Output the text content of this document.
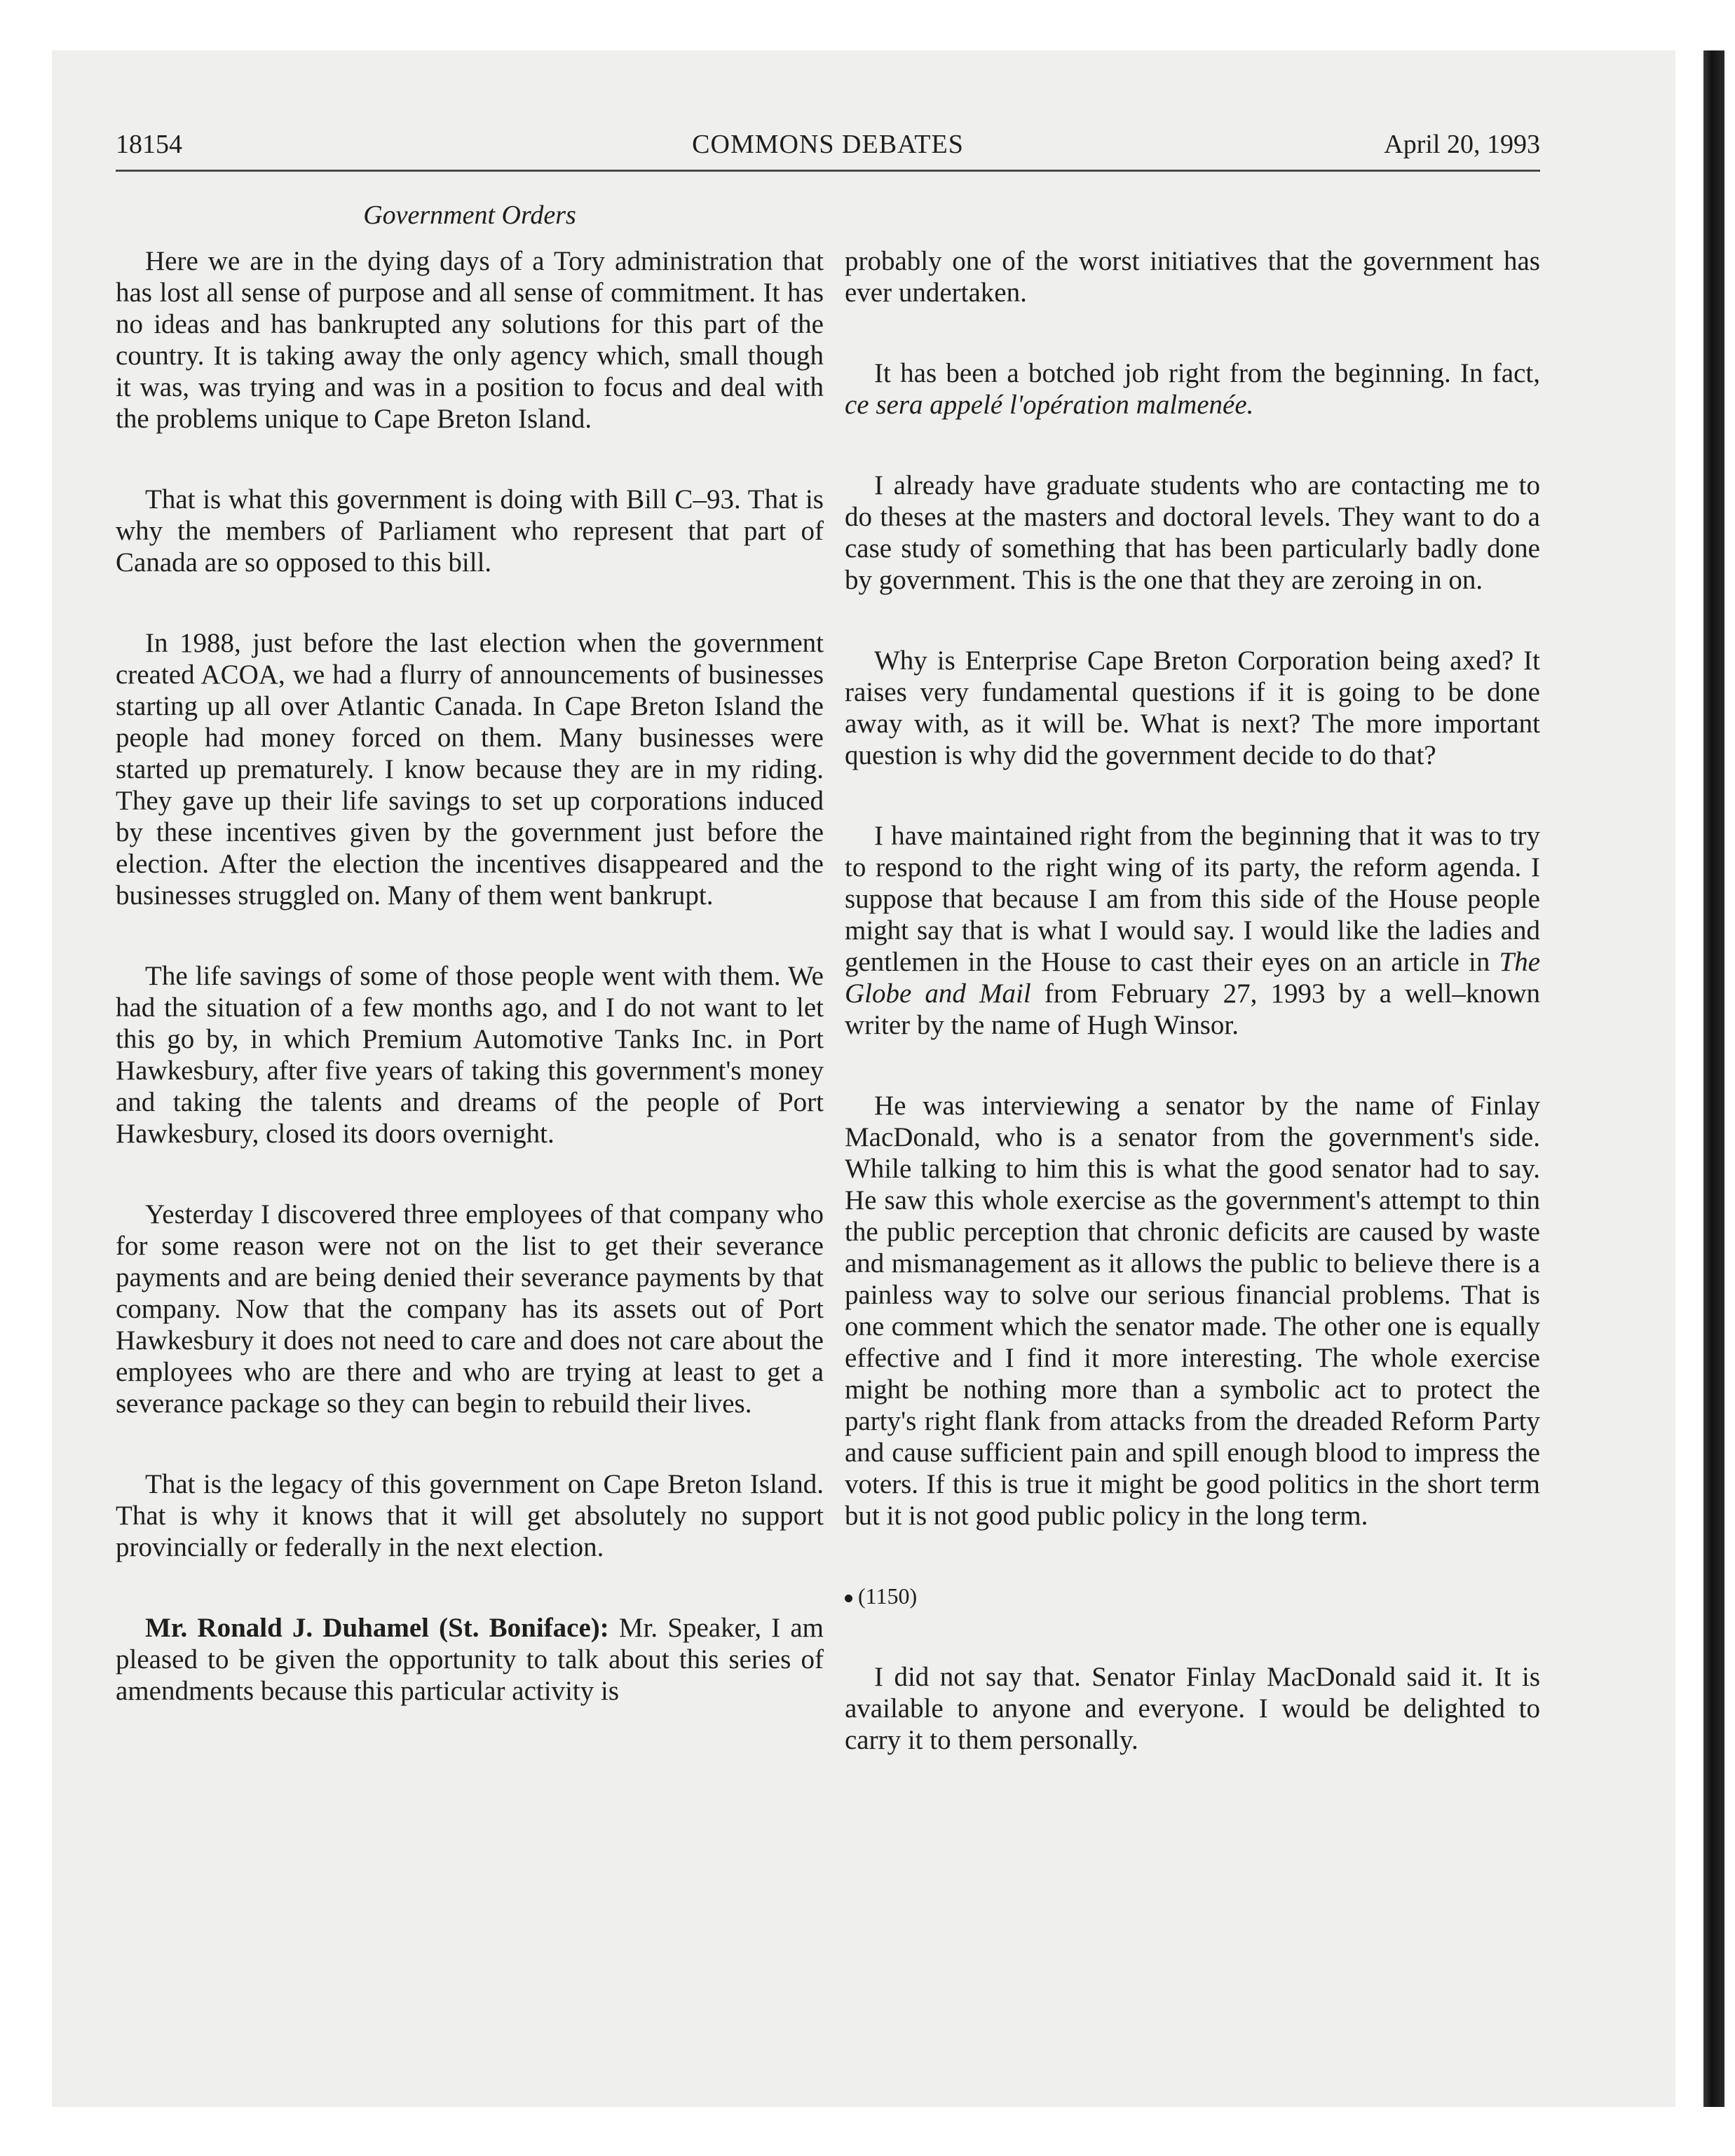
18154	COMMONS DEBATES	April 20, 1993
Government Orders

Here we are in the dying days of a Tory administration that has lost all sense of purpose and all sense of commitment. It has no ideas and has bankrupted any solutions for this part of the country. It is taking away the only agency which, small though it was, was trying and was in a position to focus and deal with the problems unique to Cape Breton Island.

That is what this government is doing with Bill C–93. That is why the members of Parliament who represent that part of Canada are so opposed to this bill.

In 1988, just before the last election when the government created ACOA, we had a flurry of announcements of businesses starting up all over Atlantic Canada. In Cape Breton Island the people had money forced on them. Many businesses were started up prematurely. I know because they are in my riding. They gave up their life savings to set up corporations induced by these incentives given by the government just before the election. After the election the incentives disappeared and the businesses struggled on. Many of them went bankrupt.

The life savings of some of those people went with them. We had the situation of a few months ago, and I do not want to let this go by, in which Premium Automotive Tanks Inc. in Port Hawkesbury, after five years of taking this government's money and taking the talents and dreams of the people of Port Hawkesbury, closed its doors overnight.

Yesterday I discovered three employees of that company who for some reason were not on the list to get their severance payments and are being denied their severance payments by that company. Now that the company has its assets out of Port Hawkesbury it does not need to care and does not care about the employees who are there and who are trying at least to get a severance package so they can begin to rebuild their lives.

That is the legacy of this government on Cape Breton Island. That is why it knows that it will get absolutely no support provincially or federally in the next election.

Mr. Ronald J. Duhamel (St. Boniface): Mr. Speaker, I am pleased to be given the opportunity to talk about this series of amendments because this particular activity is

probably one of the worst initiatives that the government has ever undertaken.

It has been a botched job right from the beginning. In fact, ce sera appelé l'opération malmenée.

I already have graduate students who are contacting me to do theses at the masters and doctoral levels. They want to do a case study of something that has been particularly badly done by government. This is the one that they are zeroing in on.

Why is Enterprise Cape Breton Corporation being axed? It raises very fundamental questions if it is going to be done away with, as it will be. What is next? The more important question is why did the government decide to do that?

I have maintained right from the beginning that it was to try to respond to the right wing of its party, the reform agenda. I suppose that because I am from this side of the House people might say that is what I would say. I would like the ladies and gentlemen in the House to cast their eyes on an article in The Globe and Mail from February 27, 1993 by a well–known writer by the name of Hugh Winsor.

He was interviewing a senator by the name of Finlay MacDonald, who is a senator from the government's side. While talking to him this is what the good senator had to say. He saw this whole exercise as the government's attempt to thin the public perception that chronic deficits are caused by waste and mismanagement as it allows the public to believe there is a painless way to solve our serious financial problems. That is one comment which the senator made. The other one is equally effective and I find it more interesting. The whole exercise might be nothing more than a symbolic act to protect the party's right flank from attacks from the dreaded Reform Party and cause sufficient pain and spill enough blood to impress the voters. If this is true it might be good politics in the short term but it is not good public policy in the long term.

(1150)

I did not say that. Senator Finlay MacDonald said it. It is available to anyone and everyone. I would be delighted to carry it to them personally.
